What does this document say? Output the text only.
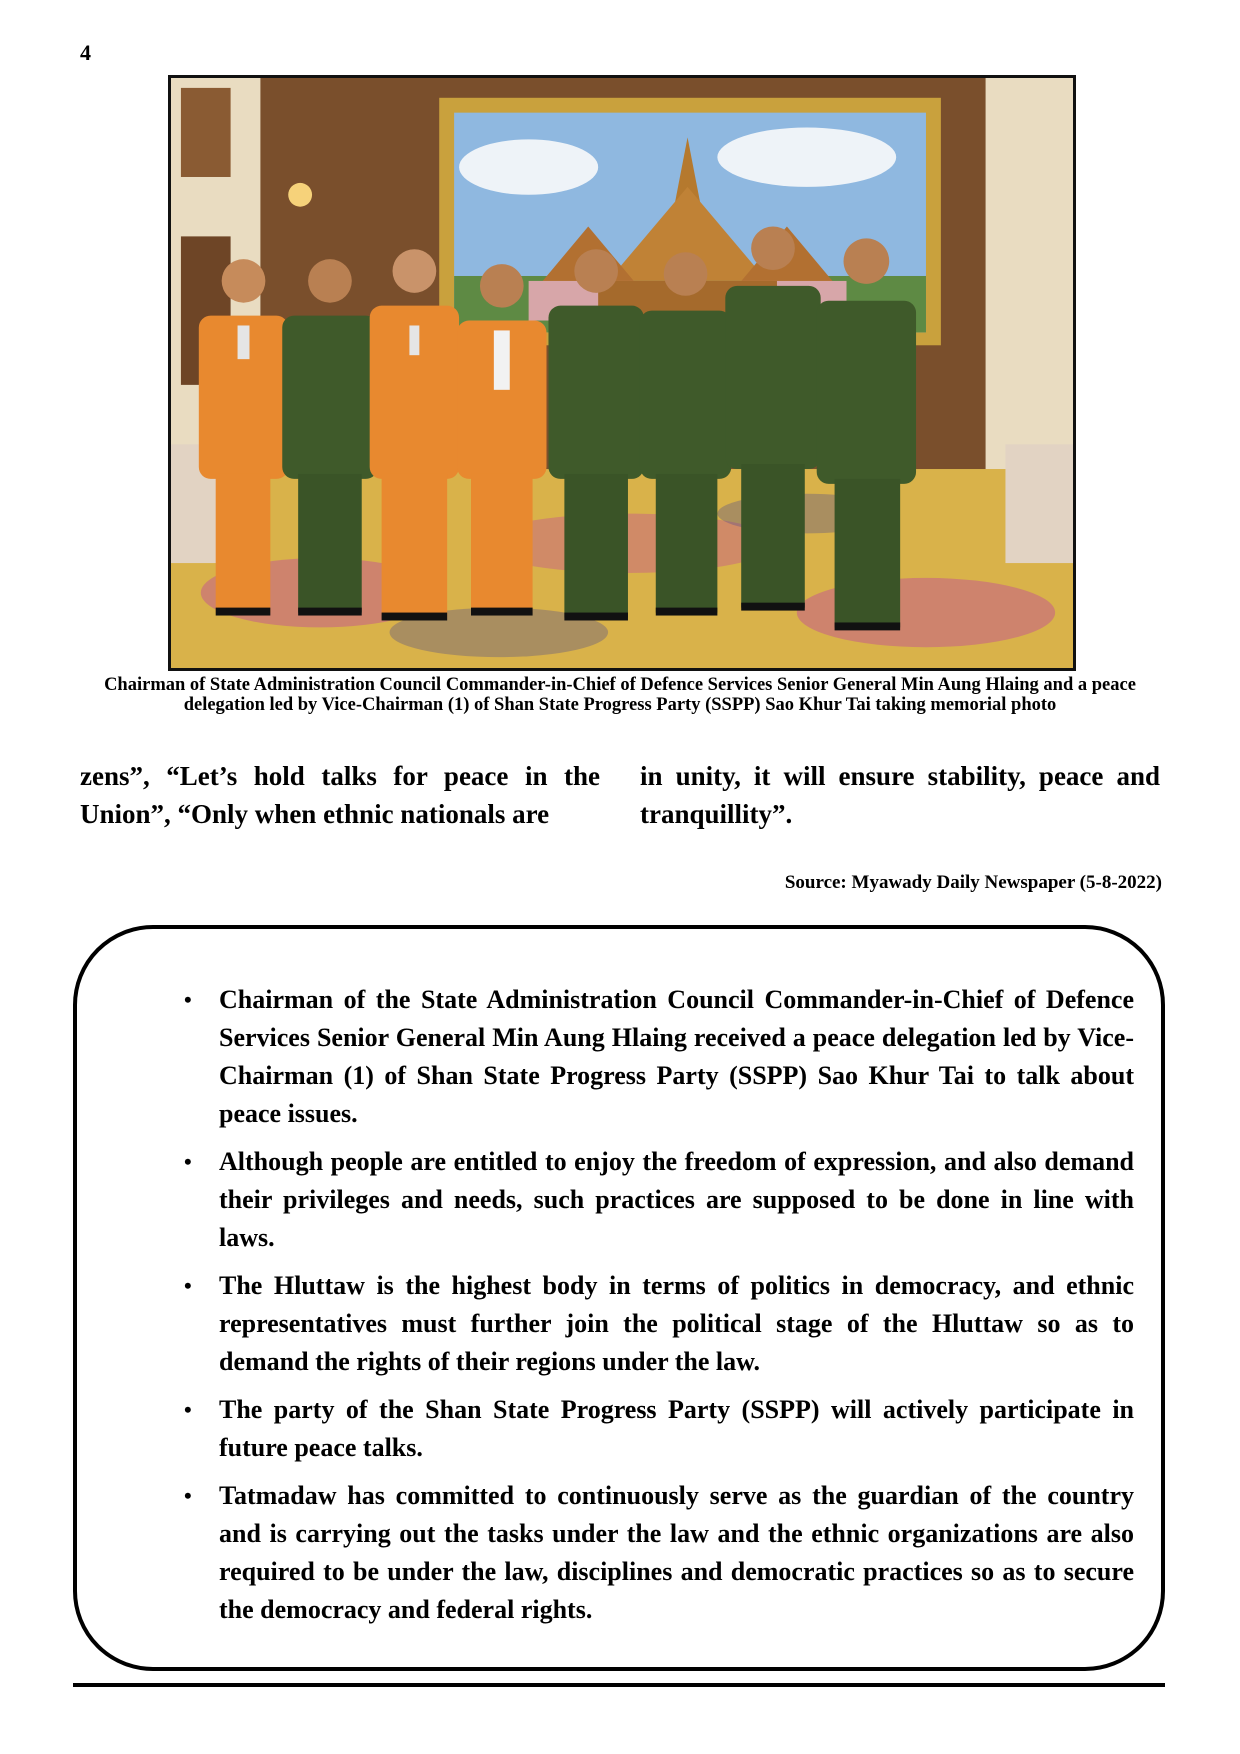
4
Chairman of State Administration Council Commander-in-Chief of Defence Services Senior General Min Aung Hlaing and a peace delegation led by Vice-Chairman (1) of Shan State Progress Party (SSPP) Sao Khur Tai taking memorial photo
zens”, “Let’s hold talks for peace in the Union”, “Only when ethnic nationals are
in unity, it will ensure stability, peace and tranquillity”.
Source: Myawady Daily Newspaper (5-8-2022)
• Chairman of the State Administration Council Commander-in-Chief of Defence Services Senior General Min Aung Hlaing received a peace delegation led by Vice-Chairman (1) of Shan State Progress Party (SSPP) Sao Khur Tai to talk about peace issues.
• Although people are entitled to enjoy the freedom of expression, and also demand their privileges and needs, such practices are supposed to be done in line with laws.
• The Hluttaw is the highest body in terms of politics in democracy, and ethnic representatives must further join the political stage of the Hluttaw so as to demand the rights of their regions under the law.
• The party of the Shan State Progress Party (SSPP) will actively participate in future peace talks.
• Tatmadaw has committed to continuously serve as the guardian of the country and is carrying out the tasks under the law and the ethnic organizations are also required to be under the law, disciplines and democratic practices so as to secure the democracy and federal rights.
